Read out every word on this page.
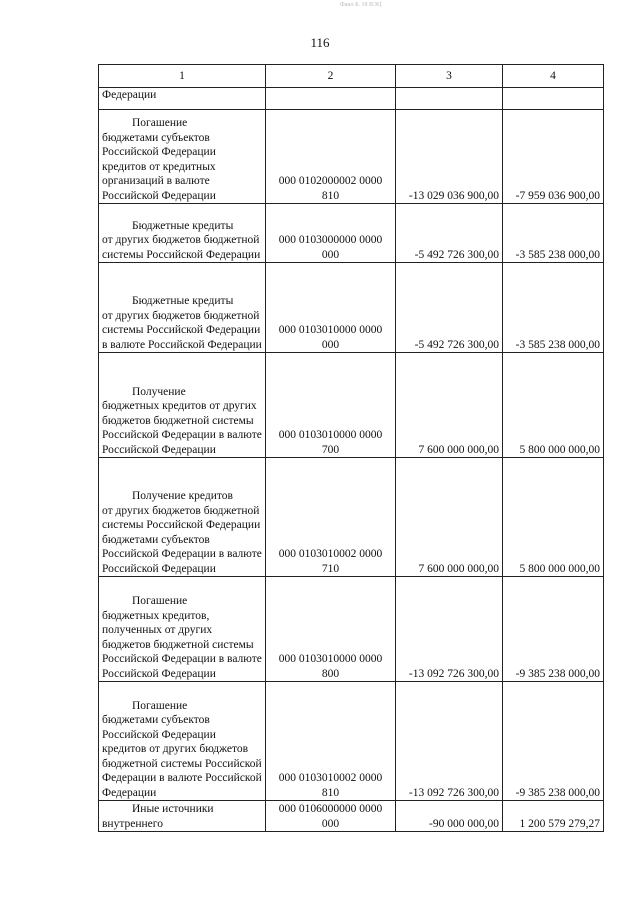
Фаил Б. 18 ВЭЦ
116
1	2	3	4

Федерации			

Погашение
бюджетами субъектов Российской Федерации кредитов от кредитных организаций в валюте Российской Федерации	000 0102000002 0000 810	-13 029 036 900,00	-7 959 036 900,00

Бюджетные кредиты
от других бюджетов бюджетной системы Российской Федерации	000 0103000000 0000 000	-5 492 726 300,00	-3 585 238 000,00

Бюджетные кредиты
от других бюджетов бюджетной системы Российской Федерации в валюте Российской Федерации	000 0103010000 0000 000	-5 492 726 300,00	-3 585 238 000,00

Получение
бюджетных кредитов от других бюджетов бюджетной системы Российской Федерации в валюте Российской Федерации	000 0103010000 0000 700	7 600 000 000,00	5 800 000 000,00

Получение кредитов
от других бюджетов бюджетной системы Российской Федерации бюджетами субъектов Российской Федерации в валюте Российской Федерации	000 0103010002 0000 710	7 600 000 000,00	5 800 000 000,00

Погашение
бюджетных кредитов, полученных от других бюджетов бюджетной системы Российской Федерации в валюте Российской Федерации	000 0103010000 0000 800	-13 092 726 300,00	-9 385 238 000,00

Погашение
бюджетами субъектов Российской Федерации кредитов от других бюджетов бюджетной системы Российской Федерации в валюте Российской Федерации	000 0103010002 0000 810	-13 092 726 300,00	-9 385 238 000,00

Иные источники
внутреннего	000 0106000000 0000 000	-90 000 000,00	1 200 579 279,27
